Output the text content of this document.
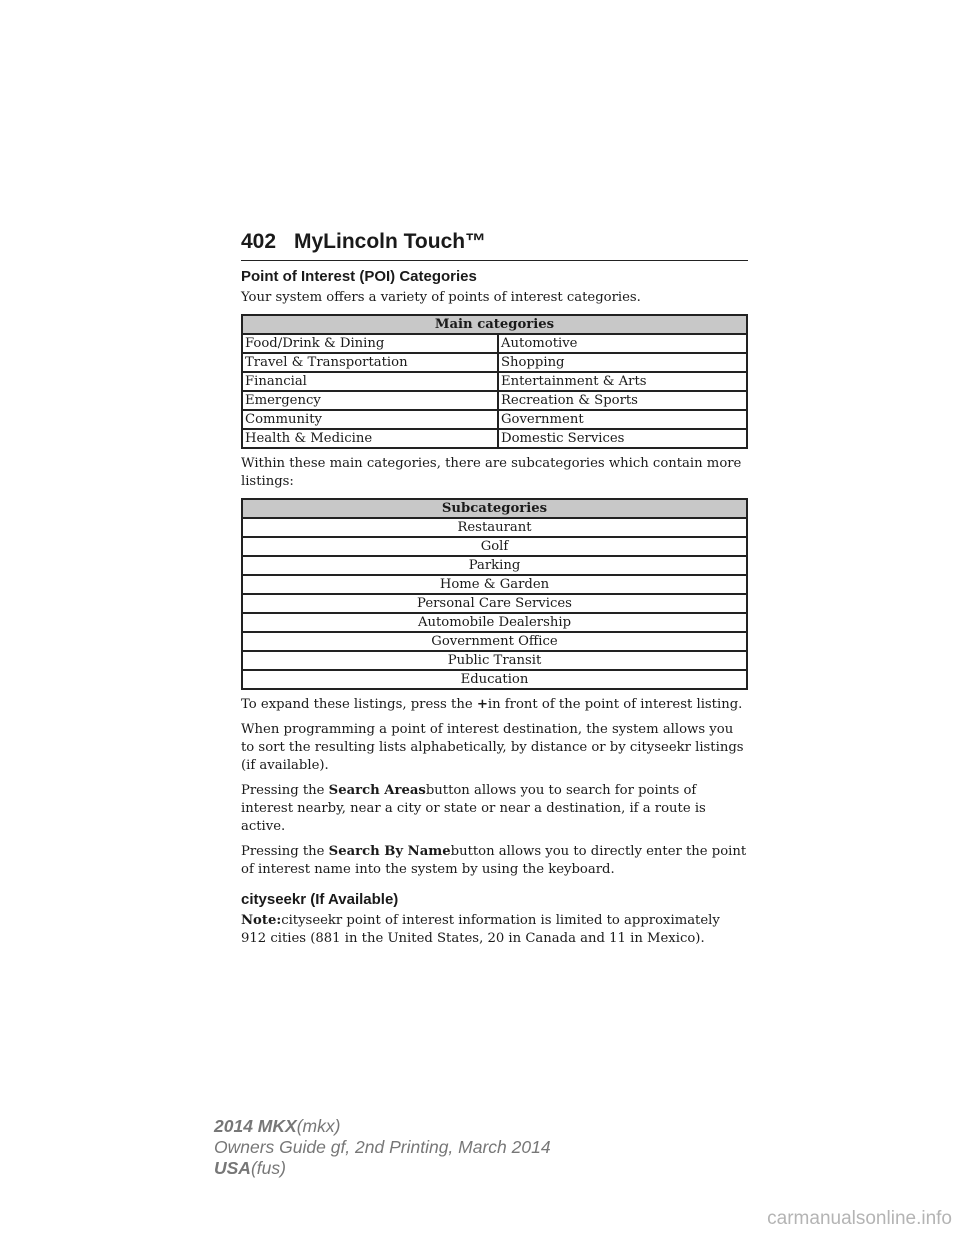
402 MyLincoln Touch™
Point of Interest (POI) Categories

Your system offers a variety of points of interest categories.

Main categories	
Food/Drink & Dining	Automotive
Travel & Transportation	Shopping
Financial	Entertainment & Arts
Emergency	Recreation & Sports
Community	Government
Health & Medicine	Domestic Services

Within these main categories, there are subcategories which contain more listings:

Subcategories
Restaurant
Golf
Parking
Home & Garden
Personal Care Services
Automobile Dealership
Government Office
Public Transit
Education

To expand these listings, press the +in front of the point of interest listing.

When programming a point of interest destination, the system allows you to sort the resulting lists alphabetically, by distance or by cityseekr listings (if available).

Pressing the Search Areasbutton allows you to search for points of interest nearby, near a city or state or near a destination, if a route is active.

Pressing the Search By Namebutton allows you to directly enter the point of interest name into the system by using the keyboard.

cityseekr (If Available)

Note:cityseekr point of interest information is limited to approximately 912 cities (881 in the United States, 20 in Canada and 11 in Mexico).

2014 MKX(mkx)
Owners Guide gf, 2nd Printing, March 2014
USA(fus)
carmanualsonline.info
